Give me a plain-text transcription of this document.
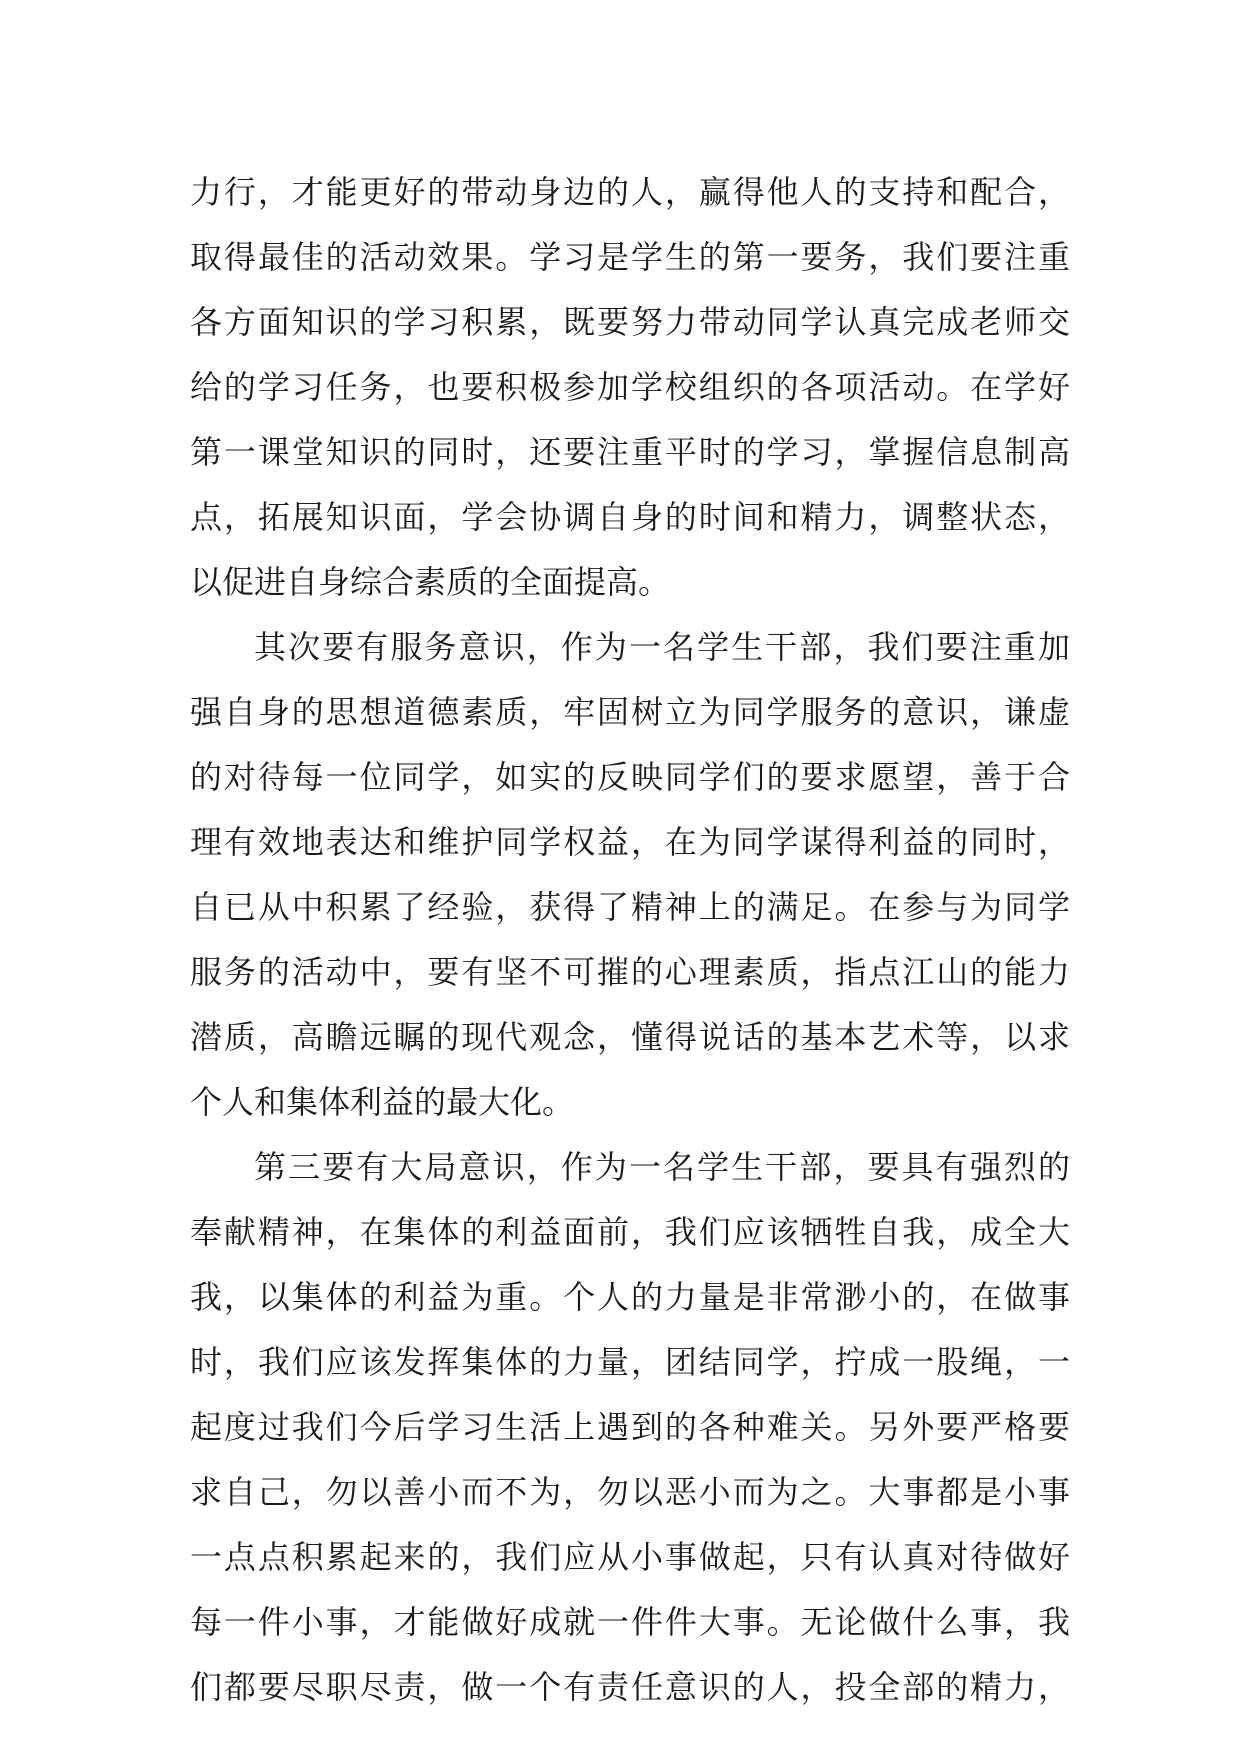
力行，才能更好的带动身边的人，赢得他人的支持和配合，
取得最佳的活动效果。学习是学生的第一要务，我们要注重
各方面知识的学习积累，既要努力带动同学认真完成老师交
给的学习任务，也要积极参加学校组织的各项活动。在学好
第一课堂知识的同时，还要注重平时的学习，掌握信息制高
点，拓展知识面，学会协调自身的时间和精力，调整状态，
以促进自身综合素质的全面提高。
其次要有服务意识，作为一名学生干部，我们要注重加
强自身的思想道德素质，牢固树立为同学服务的意识，谦虚
的对待每一位同学，如实的反映同学们的要求愿望，善于合
理有效地表达和维护同学权益，在为同学谋得利益的同时，
自已从中积累了经验，获得了精神上的满足。在参与为同学
服务的活动中，要有坚不可摧的心理素质，指点江山的能力
潜质，高瞻远瞩的现代观念，懂得说话的基本艺术等，以求
个人和集体利益的最大化。
第三要有大局意识，作为一名学生干部，要具有强烈的
奉献精神，在集体的利益面前，我们应该牺牲自我，成全大
我，以集体的利益为重。个人的力量是非常渺小的，在做事
时，我们应该发挥集体的力量，团结同学，拧成一股绳，一
起度过我们今后学习生活上遇到的各种难关。另外要严格要
求自己，勿以善小而不为，勿以恶小而为之。大事都是小事
一点点积累起来的，我们应从小事做起，只有认真对待做好
每一件小事，才能做好成就一件件大事。无论做什么事，我
们都要尽职尽责，做一个有责任意识的人，投全部的精力，
